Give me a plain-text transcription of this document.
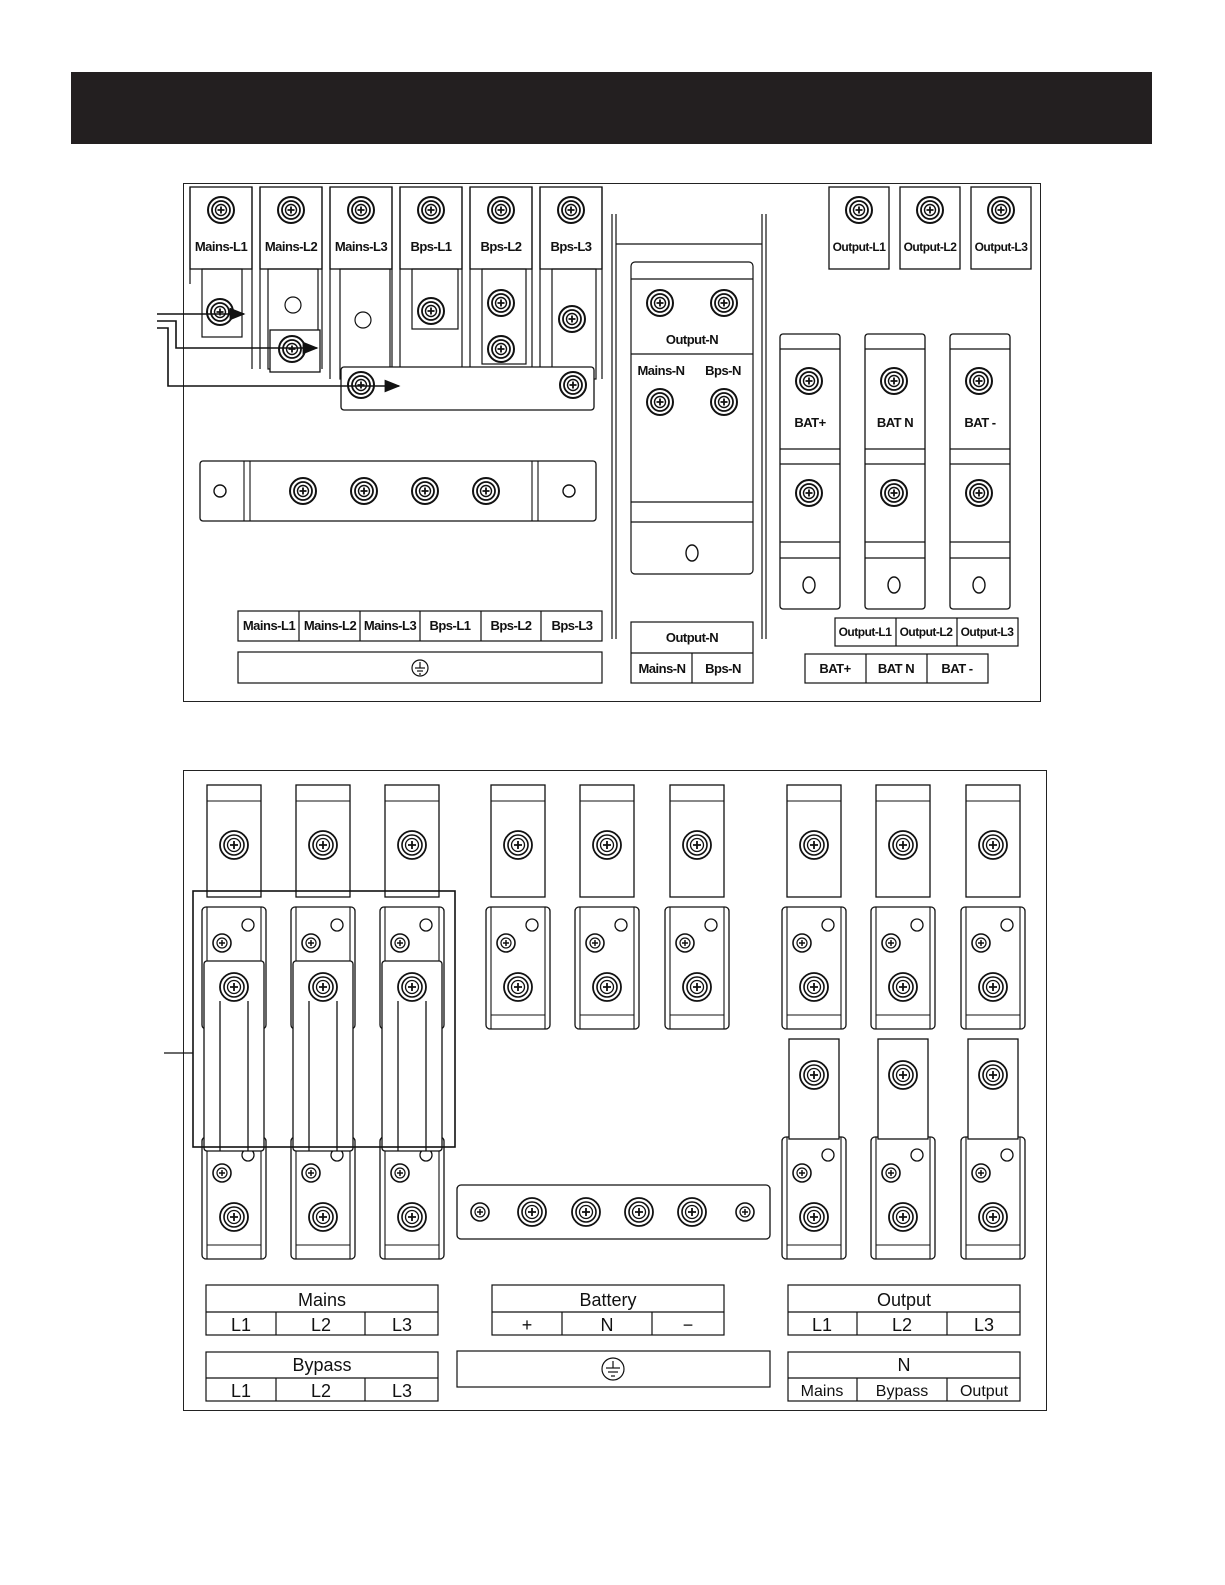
Mains-L1 Mains-L2 Mains-L3 Bps-L1 Bps-L2 Bps-L3
Output-N
Mains-N Bps-N
Output-L1 Output-L2 Output-L3
BAT+	BAT N	BAT -
Mains-L1 Mains-L2 Mains-L3 Bps-L1 Bps-L2 Bps-L3
Output-N
Mains-N Bps-N
Output-L1 Output-L2 Output-L3
BAT+ BAT N BAT -
Mains
L1	L2	L3
Bypass
L1	L2	L3
Battery
+	N	−
Output
L1	L2	L3
N
Mains Bypass Output
